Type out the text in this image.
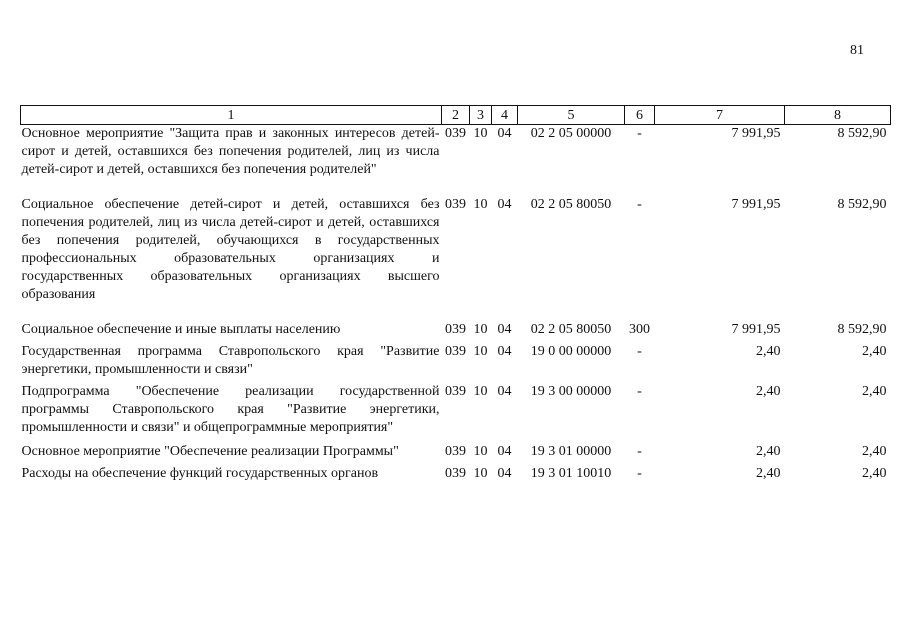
81
1	2	3	4	5	6	7	8
Основное мероприятие "Защита прав и законных интересов детей-сирот и детей, оставшихся без попечения родителей, лиц из числа детей-сирот и детей, оставшихся без попечения родителей"	039	10	04	02 2 05 00000	-	7 991,95	8 592,90
Социальное обеспечение детей-сирот и детей, оставшихся без попечения родителей, лиц из числа детей-сирот и детей, оставшихся без попечения родителей, обучающихся в государственных профессиональных образовательных организациях и государственных образовательных организациях высшего образования	039	10	04	02 2 05 80050	-	7 991,95	8 592,90
Социальное обеспечение и иные выплаты населению	039	10	04	02 2 05 80050	300	7 991,95	8 592,90
Государственная программа Ставропольского края "Развитие энергетики, промышленности и связи"	039	10	04	19 0 00 00000	-	2,40	2,40
Подпрограмма "Обеспечение реализации государственной программы Ставропольского края "Развитие энергетики, промышленности и связи" и общепрограммные мероприятия"	039	10	04	19 3 00 00000	-	2,40	2,40
Основное мероприятие "Обеспечение реализации Программы"	039	10	04	19 3 01 00000	-	2,40	2,40
Расходы на обеспечение функций государственных органов	039	10	04	19 3 01 10010	-	2,40	2,40
